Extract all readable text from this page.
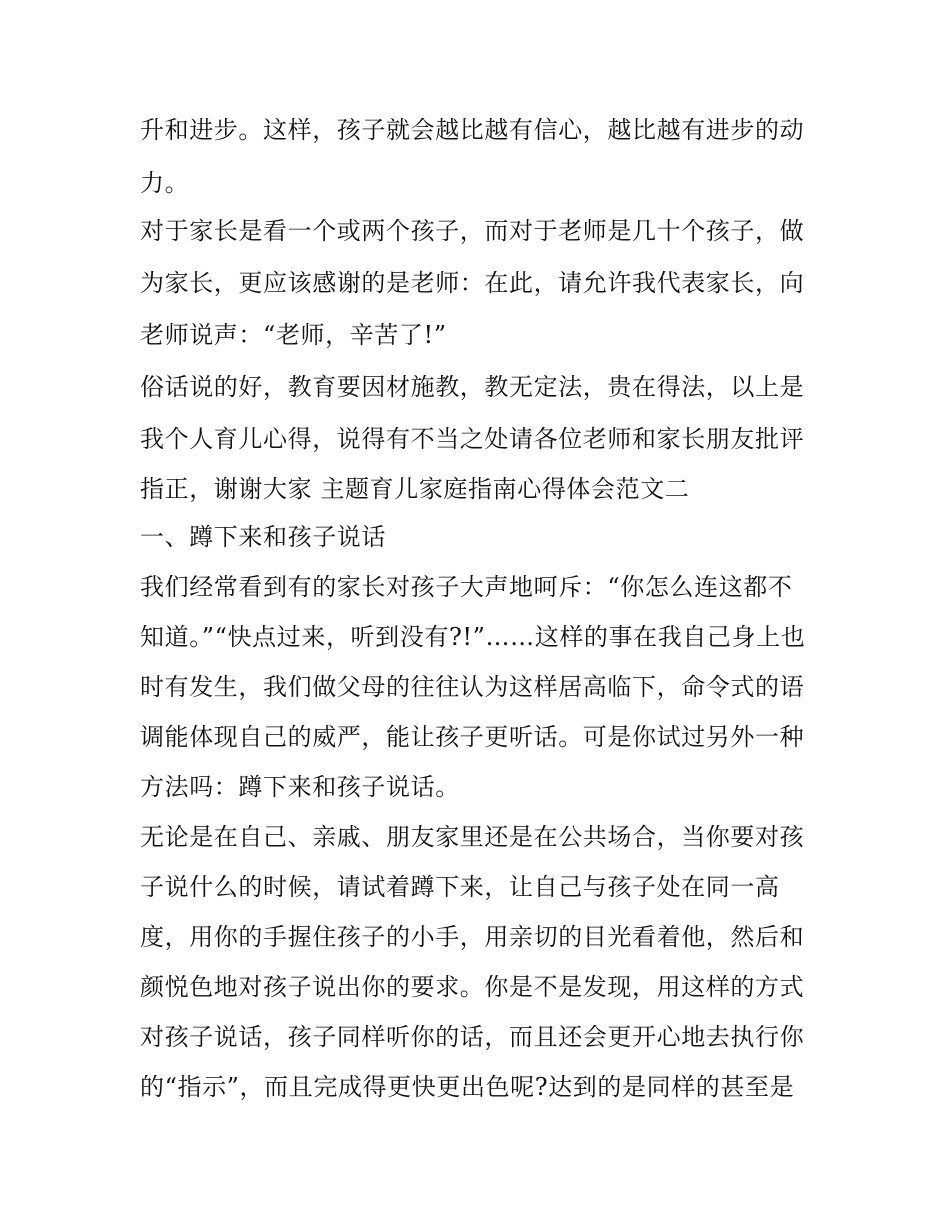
升和进步。这样，孩子就会越比越有信心，越比越有进步的动
力。
对于家长是看一个或两个孩子，而对于老师是几十个孩子，做
为家长，更应该感谢的是老师：在此，请允许我代表家长，向
老师说声：“老师，辛苦了!”
俗话说的好，教育要因材施教，教无定法，贵在得法，以上是
我个人育儿心得，说得有不当之处请各位老师和家长朋友批评
指正，谢谢大家 主题育儿家庭指南心得体会范文二
一、蹲下来和孩子说话
我们经常看到有的家长对孩子大声地呵斥：“你怎么连这都不
知道。”“快点过来，听到没有?!”……这样的事在我自己身上也
时有发生，我们做父母的往往认为这样居高临下，命令式的语
调能体现自己的威严，能让孩子更听话。可是你试过另外一种
方法吗：蹲下来和孩子说话。
无论是在自己、亲戚、朋友家里还是在公共场合，当你要对孩
子说什么的时候，请试着蹲下来，让自己与孩子处在同一高
度，用你的手握住孩子的小手，用亲切的目光看着他，然后和
颜悦色地对孩子说出你的要求。你是不是发现，用这样的方式
对孩子说话，孩子同样听你的话，而且还会更开心地去执行你
的“指示”，而且完成得更快更出色呢?达到的是同样的甚至是
